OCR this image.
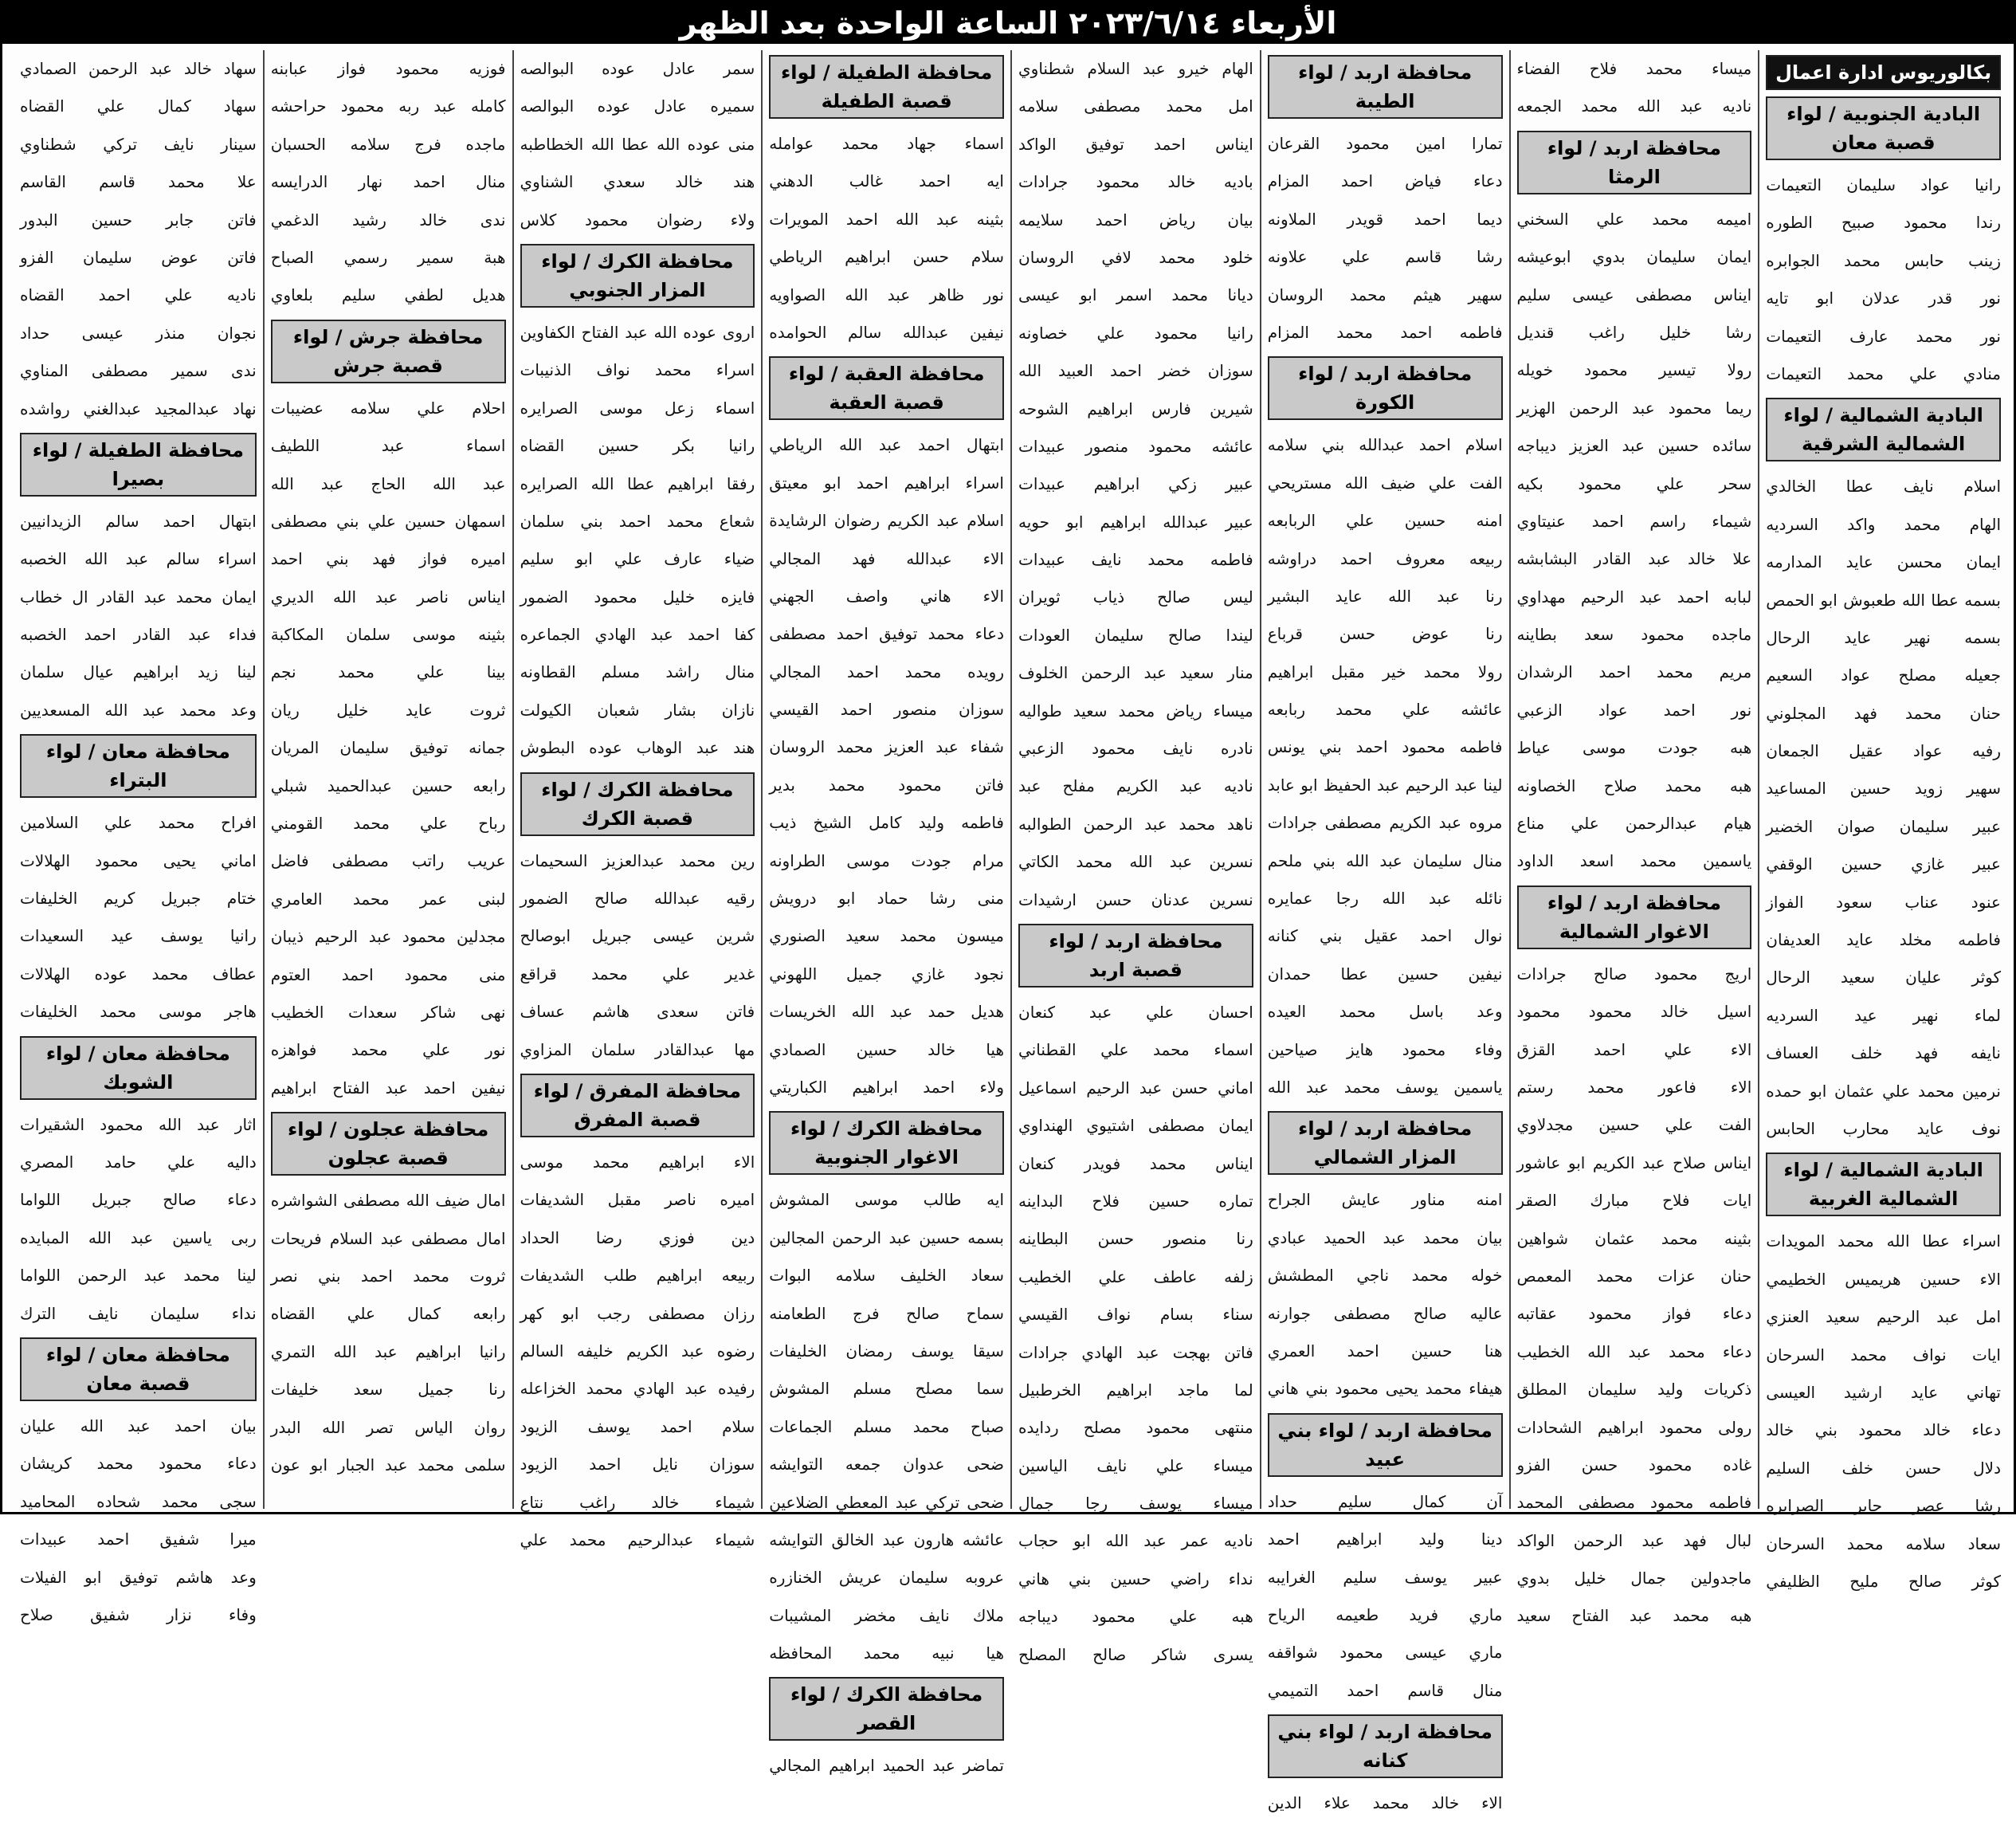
الأربعاء ٢٠٢٣/٦/١٤ الساعة الواحدة بعد الظهر
بكالوريوس ادارة اعمال
البادية الجنوبية / لواء قصبة معان
رانيا عواد سليمان التعيمات
رندا محمود صبيح الطوره
زينب حابس محمد الجوابره
نور قدر عدلان ابو تايه
نور محمد عارف التعيمات
منادي علي محمد التعيمات
البادية الشمالية / لواء الشمالية الشرقية
اسلام نايف عطا الخالدي
الهام محمد واكد السرديه
ايمان محسن عايد المدارمه
بسمه عطا الله طعبوش ابو الحمص
بسمه نهير عايد الرحال
جعيله مصلح عواد السعيم
حنان محمد فهد المجلوني
رفيه عواد عقيل الجمعان
سهير زويد حسين المساعيد
عبير سليمان صوان الخضير
عبير غازي حسين الوقفي
عنود عناب سعود الفواز
فاطمه مخلد عايد العديفان
كوثر عليان سعيد الرحال
لماء نهير عيد السرديه
نايفه فهد خلف العساف
نرمين محمد علي عثمان ابو حمده
نوف عايد محارب الحابس
البادية الشمالية / لواء الشمالية الغربية
اسراء عطا الله محمد المويدات
الاء حسين هريميس الخطيمي
امل عبد الرحيم سعيد العنزي
ايات نواف محمد السرحان
تهاني عايد ارشيد العيسى
دعاء خالد محمود بني خالد
دلال حسن خلف السليم
رشا عصر جابر الصرايره
سعاد سلامه محمد السرحان
كوثر صالح مليح الظليفي
ميساء محمد فلاح الفضاء
ناديه عبد الله محمد الجمعه
محافظة اربد / لواء الرمثا
اميمه محمد علي السخني
ايمان سليمان بدوي ابوعيشه
ايناس مصطفى عيسى سليم
رشا خليل راغب قنديل
رولا تيسير محمود خويله
ريما محمود عبد الرحمن الهزير
سائده حسين عبد العزيز ديباجه
سحر علي محمود بكيه
شيماء راسم احمد عنيتاوي
علا خالد عبد القادر البشابشه
لبابه احمد عبد الرحيم مهداوي
ماجده محمود سعد بطاينه
مريم محمد احمد الرشدان
نور احمد عواد الزعبي
هبه جودت موسى عياط
هبه محمد صلاح الخصاونه
هيام عبدالرحمن علي مناع
ياسمين محمد اسعد الداود
محافظة اربد / لواء الاغوار الشمالية
اريج محمود صالح جرادات
اسيل خالد محمود محمود
الاء علي احمد القزق
الاء فاعور محمد رستم
الفت علي حسين مجدلاوي
ايناس صلاح عبد الكريم ابو عاشور
ايات فلاح مبارك الصقر
بثينه محمد عثمان شواهين
حنان عزات محمد المعمص
دعاء فواز محمود عقاتبه
دعاء محمد عبد الله الخطيب
ذكريات وليد سليمان المطلق
رولى محمود ابراهيم الشحادات
غاده محمود حسن الفزو
فاطمه محمود مصطفى المحمد
لبال فهد عبد الرحمن الواكد
ماجدولين جمال خليل بدوي
هبه محمد عبد الفتاح سعيد
محافظة اربد / لواء الطيبة
تمارا امين محمود القرعان
دعاء فياض احمد المزام
ديما احمد قويدر الملاونه
رشا قاسم علي علاونه
سهير هيثم محمد الروسان
فاطمه احمد محمد المزام
محافظة اربد / لواء الكورة
اسلام احمد عبدالله بني سلامه
الفت علي ضيف الله مستريحي
امنه حسين علي الربابعه
ربيعه معروف احمد دراوشه
رنا عبد الله عايد البشير
رنا عوض حسن قرباع
رولا محمد خير مقبل ابراهيم
عائشه علي محمد ربابعه
فاطمه محمود احمد بني يونس
لينا عبد الرحيم عبد الحفيظ ابو عابد
مروه عبد الكريم مصطفى جرادات
منال سليمان عبد الله بني ملحم
نائله عبد الله رجا عمايره
نوال احمد عقيل بني كنانه
نيفين حسين عطا حمدان
وعد باسل محمد العيده
وفاء محمود هايز صياحين
ياسمين يوسف محمد عبد الله
محافظة اربد / لواء المزار الشمالي
امنه مناور عايش الجراح
بيان محمد عبد الحميد عبادي
خوله محمد ناجي المطشش
عاليه صالح مصطفى جوارنه
هنا حسين احمد العمري
هيفاء محمد يحيى محمود بني هاني
محافظة اربد / لواء بني عبيد
آن كمال سليم حداد
دينا وليد ابراهيم احمد
عبير يوسف سليم الغرايبه
ماري فريد طعيمه الرياح
ماري عيسى محمود شواقفه
منال قاسم احمد التميمي
محافظة اربد / لواء بني كنانه
الاء خالد محمد علاء الدين
الهام خيرو عبد السلام شطناوي
امل محمد مصطفى سلامه
ايناس احمد توفيق الواكد
باديه خالد محمود جرادات
بيان رياض احمد سلايمه
خلود محمد لافي الروسان
ديانا محمد اسمر ابو عيسى
رانيا محمود علي خصاونه
سوزان خضر احمد العبيد الله
شيرين فارس ابراهيم الشوحه
عائشه محمود منصور عبيدات
عبير زكي ابراهيم عبيدات
عبير عبدالله ابراهيم ابو حويه
فاطمه محمد نايف عبيدات
ليس صالح ذياب ثويران
ليندا صالح سليمان العودات
منار سعيد عبد الرحمن الخلوف
ميساء رياض محمد سعيد طواليه
نادره نايف محمود الزعبي
ناديه عبد الكريم مفلح عبد
ناهد محمد عبد الرحمن الطوالبه
نسرين عبد الله محمد الكاتي
نسرين عدنان حسن ارشيدات
محافظة اربد / لواء قصبة اربد
احسان علي عبد كنعان
اسماء محمد علي القطناني
اماني حسن عبد الرحيم اسماعيل
ايمان مصطفى اشتيوي الهنداوي
ايناس محمد فويدر كنعان
تماره حسين فلاح البداينه
رنا منصور حسن البطاينه
زلفه عاطف علي الخطيب
سناء بسام نواف القيسي
فاتن بهجت عبد الهادي جرادات
لما ماجد ابراهيم الخرطبيل
منتهى محمود مصلح ردايده
ميساء علي نايف الياسين
ميساء يوسف رجا جمال
ناديه عمر عبد الله ابو حجاب
نداء راضي حسين بني هاني
هبه علي محمود ديباجه
يسرى شاكر صالح المصلح
محافظة الطفيلة / لواء قصبة الطفيلة
اسماء جهاد محمد عوامله
ايه احمد غالب الدهني
بثينه عبد الله احمد المويرات
سلام حسن ابراهيم الرياطي
نور ظاهر عبد الله الصواويه
نيفين عبدالله سالم الحوامده
محافظة العقبة / لواء قصبة العقبة
ابتهال احمد عبد الله الرياطي
اسراء ابراهيم احمد ابو معيتق
اسلام عبد الكريم رضوان الرشايدة
الاء عبدالله فهد المجالي
الاء هاني واصف الجهني
دعاء محمد توفيق احمد مصطفى
رويده محمد احمد المجالي
سوزان منصور احمد القيسي
شفاء عبد العزيز محمد الروسان
فاتن محمود محمد بدير
فاطمه وليد كامل الشيخ ذيب
مرام جودت موسى الطراونه
منى رشا حماد ابو درويش
ميسون محمد سعيد الصنوري
نجود غازي جميل اللهوني
هديل حمد عبد الله الخريسات
هيا خالد حسين الصمادي
ولاء احمد ابراهيم الكباريتي
محافظة الكرك / لواء الاغوار الجنوبية
ايه طالب موسى المشوش
بسمه حسين عبد الرحمن المجالين
سعاد الخليف سلامه البوات
سماح صالح فرج الطعامنه
سيقا يوسف رمضان الخليفات
سما مصلح مسلم المشوش
صباح محمد مسلم الجماعات
ضحى عدوان جمعه التوايشه
ضحى تركي عبد المعطي الضلاعين
عائشه هارون عبد الخالق التوايشه
عروبه سليمان عريش الخنازره
ملاك نايف مخضر المشيبات
هيا نبيه محمد المحافظه
محافظة الكرك / لواء القصر
تماضر عبد الحميد ابراهيم المجالي
سمر عادل عوده البوالصه
سميره عادل عوده البوالصه
منى عوده الله عطا الله الخطاطبه
هند خالد سعدي الشناوي
ولاء رضوان محمود كلاس
محافظة الكرك / لواء المزار الجنوبي
اروى عوده الله عبد الفتاح الكفاوين
اسراء محمد نواف الذنيبات
اسماء زعل موسى الصرايره
رانيا بكر حسين القضاه
رفقا ابراهيم عطا الله الصرايره
شعاع محمد احمد بني سلمان
ضياء عارف علي ابو سليم
فايزه خليل محمود الضمور
كفا احمد عبد الهادي الجماعره
منال راشد مسلم القطاونه
نازان بشار شعبان الكيولت
هند عبد الوهاب عوده البطوش
محافظة الكرك / لواء قصبة الكرك
رين محمد عبدالعزيز السحيمات
رقيه عبدالله صالح الضمور
شرين عيسى جبريل ابوصالح
غدير علي محمد قراقع
فاتن سعدى هاشم عساف
مها عبدالقادر سلمان المزاوي
محافظة المفرق / لواء قصبة المفرق
الاء ابراهيم محمد موسى
اميره ناصر مقبل الشديفات
دين فوزي رضا الحداد
ربيعه ابراهيم طلب الشديفات
رزان مصطفى رجب ابو كهر
رضوه عبد الكريم خليفه السالم
رفيده عبد الهادي محمد الخزاعله
سلام احمد يوسف الزيود
سوزان نايل احمد الزيود
شيماء خالد راغب نتاع
شيماء عبدالرحيم محمد علي
فوزيه محمود فواز عبابنه
كامله عبد ربه محمود حراحشه
ماجده فرج سلامه الحسبان
منال احمد نهار الدرايسه
ندى خالد رشيد الدغمي
هبة سمير رسمي الصباح
هديل لطفي سليم بلعاوي
محافظة جرش / لواء قصبة جرش
احلام علي سلامه عضيبات
اسماء عبد اللطيف
عبد الله الحاج عبد الله
اسمهان حسين علي بني مصطفى
اميره فواز فهد بني احمد
ايناس ناصر عبد الله الديري
بثينه موسى سلمان المكاكبة
بينا علي محمد نجم
ثروت عايد خليل ريان
جمانه توفيق سليمان المريان
رابعه حسين عبدالحميد شبلي
رباح علي محمد القومني
عريب راتب مصطفى فاضل
لبنى عمر محمد العامري
مجدلين محمود عبد الرحيم ذيبان
منى محمود احمد العتوم
نهى شاكر سعدات الخطيب
نور علي محمد فواهزه
نيفين احمد عبد الفتاح ابراهيم
محافظة عجلون / لواء قصبة عجلون
امال ضيف الله مصطفى الشواشره
امال مصطفى عبد السلام فريحات
ثروت محمد احمد بني نصر
رابعه كمال علي القضاه
رانيا ابراهيم عبد الله التمري
رنا جميل سعد خليفات
روان الياس تصر الله البدر
سلمى محمد عبد الجبار ابو عون
سهاد خالد عبد الرحمن الصمادي
سهاد كمال علي القضاه
سينار نايف تركي شطناوي
علا محمد قاسم القاسم
فاتن جابر حسين البدور
فاتن عوض سليمان الفزو
ناديه علي احمد القضاه
نجوان منذر عيسى حداد
ندى سمير مصطفى المناوي
نهاد عبدالمجيد عبدالغني رواشده
محافظة الطفيلة / لواء بصيرا
ابتهال احمد سالم الزيدانيين
اسراء سالم عبد الله الخصبه
ايمان محمد عبد القادر ال خطاب
فداء عبد القادر احمد الخصبه
لينا زيد ابراهيم عيال سلمان
وعد محمد عبد الله المسعديين
محافظة معان / لواء البتراء
افراح محمد علي السلامين
اماني يحيى محمود الهلالات
ختام جبريل كريم الخليفات
رانيا يوسف عيد السعيدات
عطاف محمد عوده الهلالات
هاجر موسى محمد الخليفات
محافظة معان / لواء الشوبك
اثار عبد الله محمود الشقيرات
داليه علي حامد المصري
دعاء صالح جبريل اللواما
ربى ياسين عبد الله المبايده
لينا محمد عبد الرحمن اللواما
نداء سليمان نايف الترك
محافظة معان / لواء قصبة معان
بيان احمد عبد الله عليان
دعاء محمود محمد كريشان
سجى محمد شحاده المحاميد
ميرا شفيق احمد عبيدات
وعد هاشم توفيق ابو الفيلات
وفاء نزار شفيق صلاح
